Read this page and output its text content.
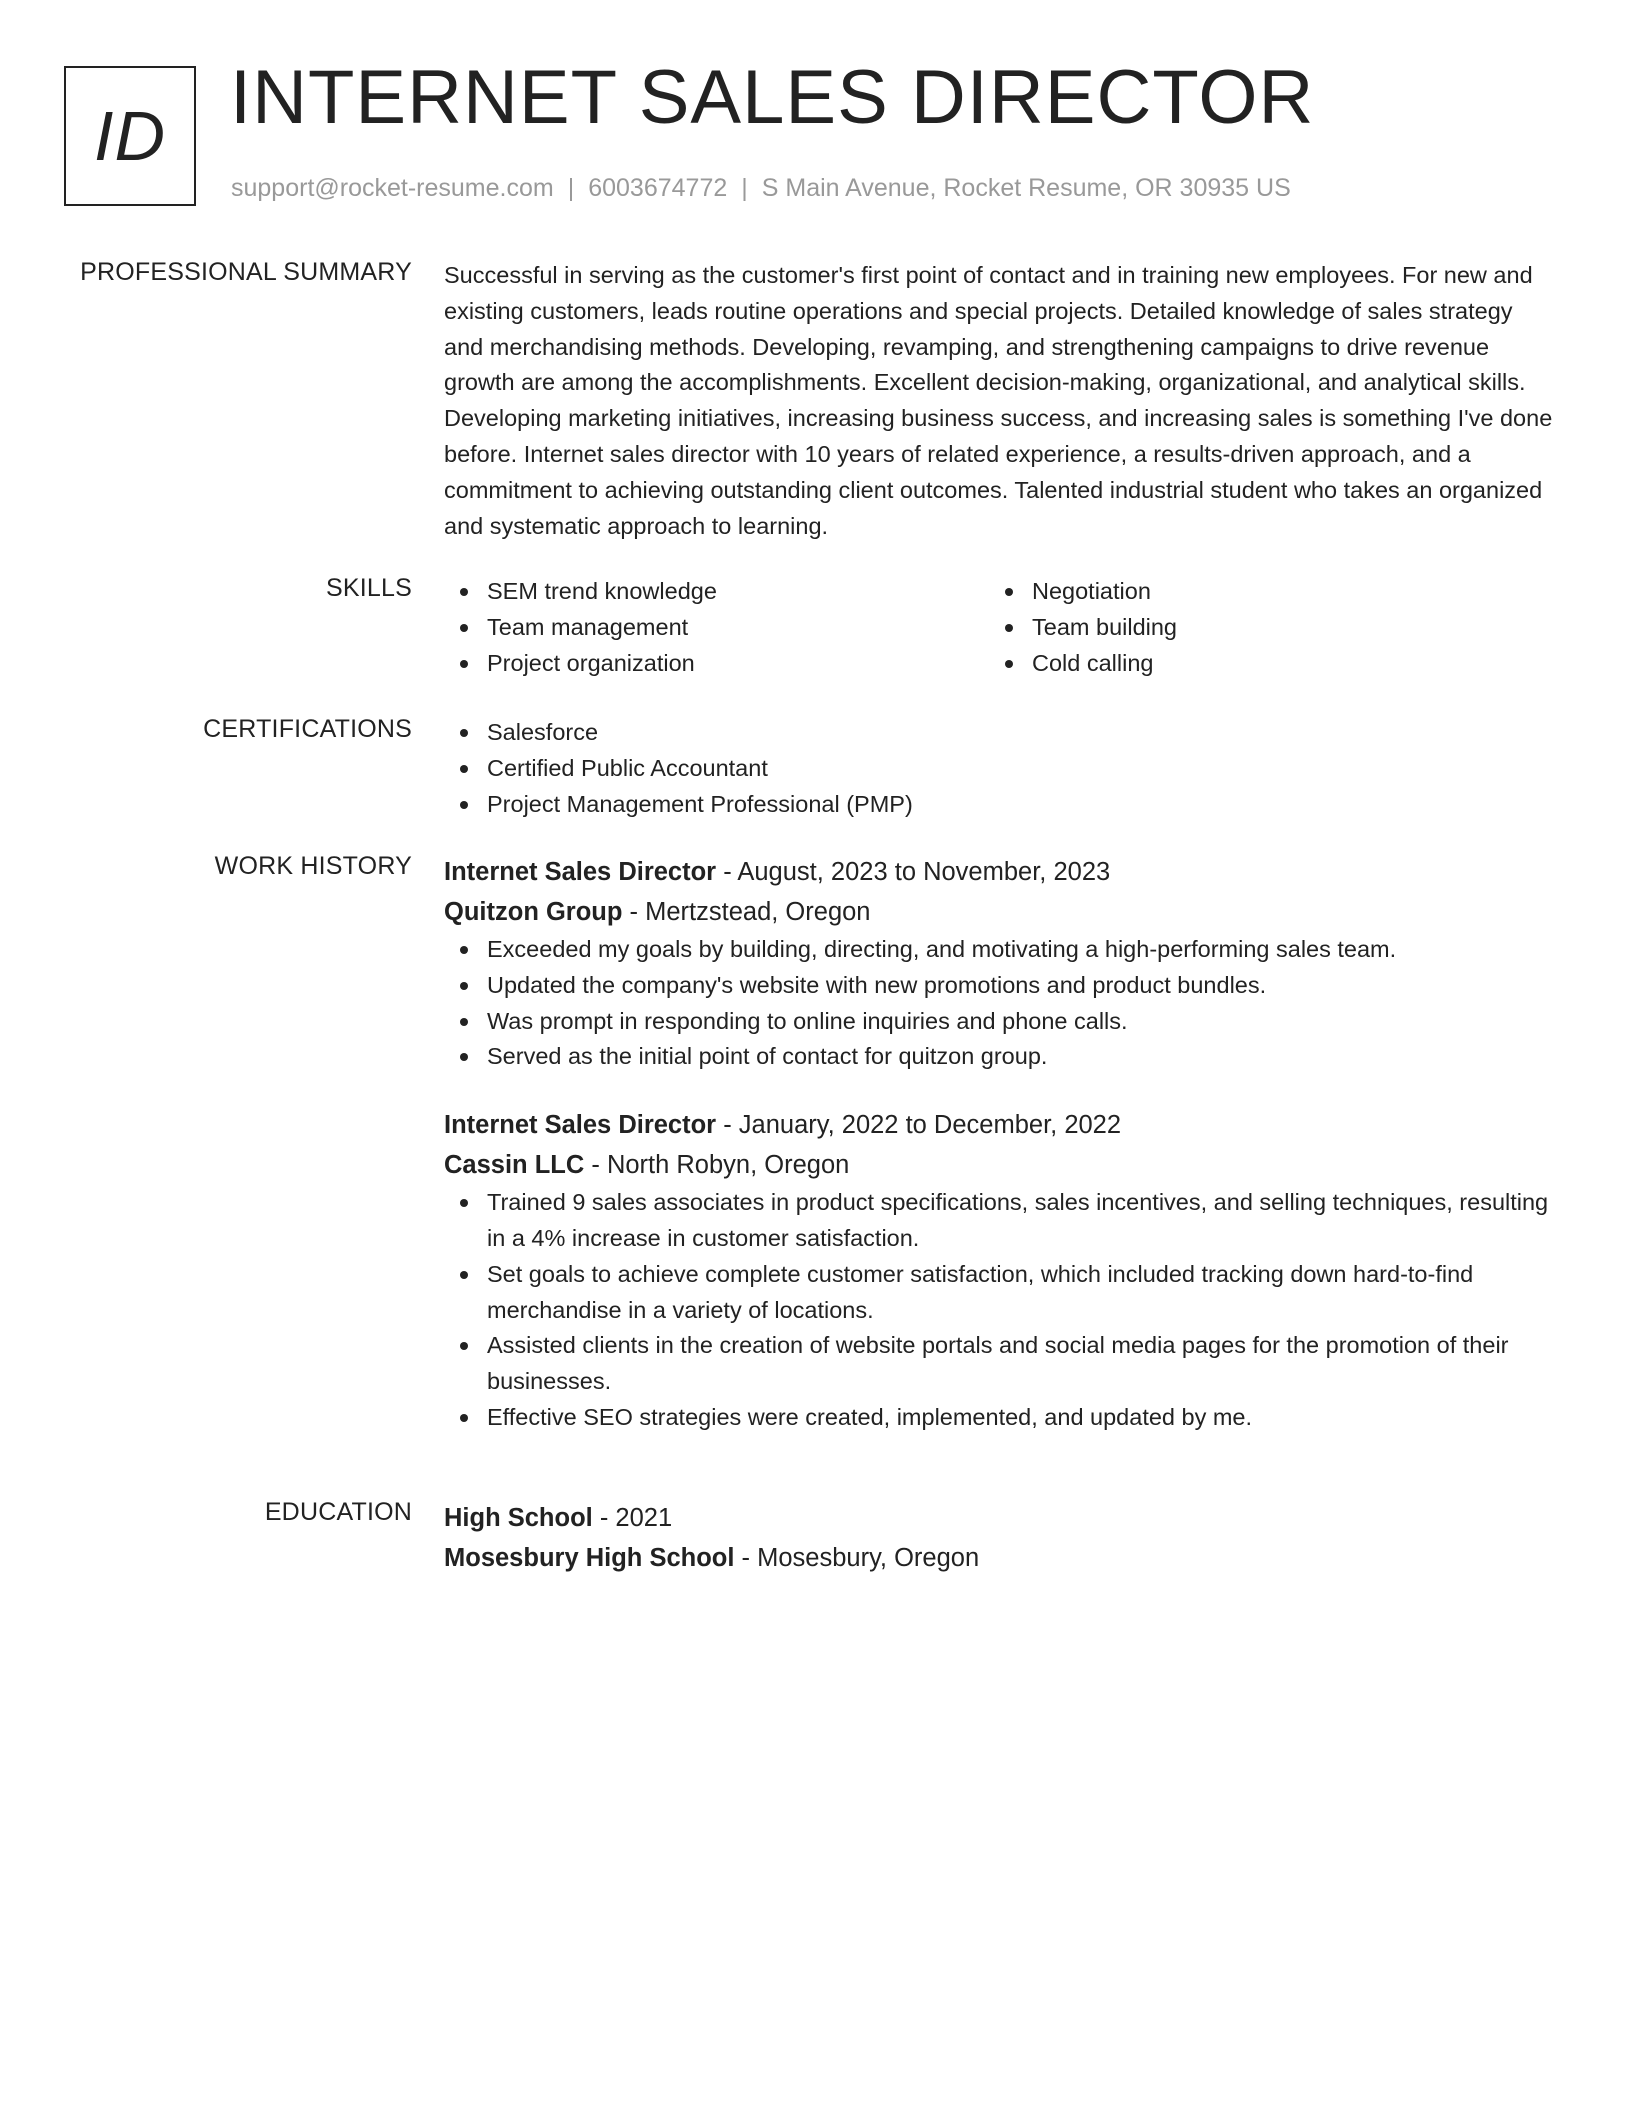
ID INTERNET SALES DIRECTOR
support@rocket-resume.com | 6003674772 | S Main Avenue, Rocket Resume, OR 30935 US
PROFESSIONAL SUMMARY Successful in serving as the customer's first point of contact and in training new employees. For new and existing customers, leads routine operations and special projects. Detailed knowledge of sales strategy and merchandising methods. Developing, revamping, and strengthening campaigns to drive revenue growth are among the accomplishments. Excellent decision-making, organizational, and analytical skills. Developing marketing initiatives, increasing business success, and increasing sales is something I've done before. Internet sales director with 10 years of related experience, a results-driven approach, and a commitment to achieving outstanding client outcomes. Talented industrial student who takes an organized and systematic approach to learning.

SKILLS	SEM trend knowledge
Team management
Project organization
Negotiation
Team building
Cold calling
CERTIFICATIONS	Salesforce
Certified Public Accountant
Project Management Professional (PMP)
WORK HISTORY Internet Sales Director - August, 2023 to November, 2023
Quitzon Group - Mertzstead, Oregon
Exceeded my goals by building, directing, and motivating a high-performing sales team.
Updated the company's website with new promotions and product bundles.
Was prompt in responding to online inquiries and phone calls.
Served as the initial point of contact for quitzon group.
Internet Sales Director - January, 2022 to December, 2022
Cassin LLC - North Robyn, Oregon
Trained 9 sales associates in product specifications, sales incentives, and selling techniques, resulting in a 4% increase in customer satisfaction.
Set goals to achieve complete customer satisfaction, which included tracking down hard-to-find merchandise in a variety of locations.
Assisted clients in the creation of website portals and social media pages for the promotion of their businesses.
Effective SEO strategies were created, implemented, and updated by me.
EDUCATION High School - 2021
Mosesbury High School - Mosesbury, Oregon
